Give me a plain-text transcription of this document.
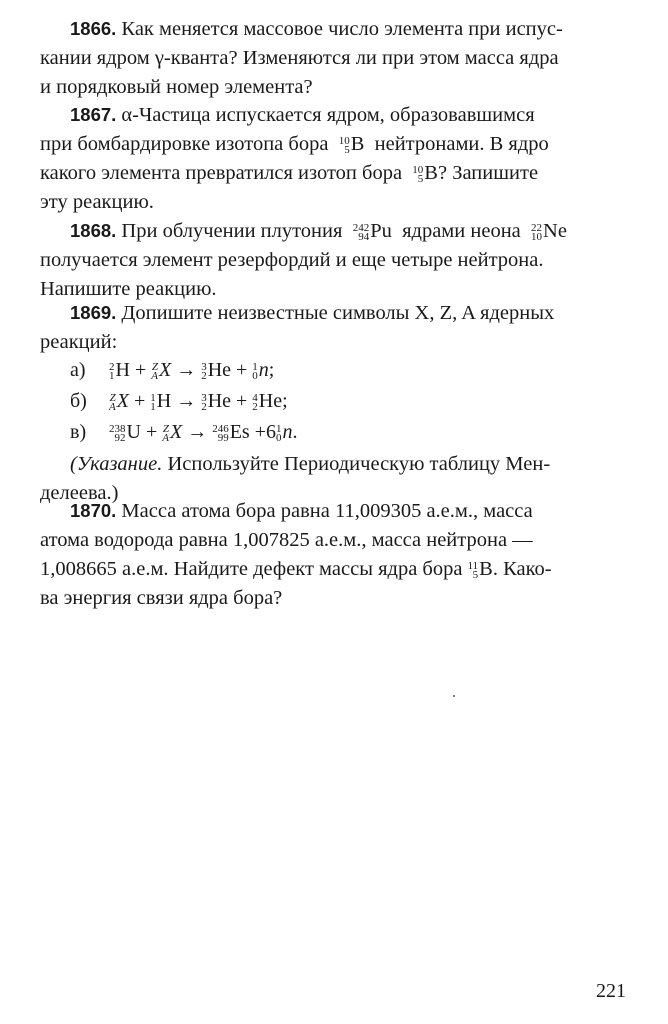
1866. Как меняется массовое число элемента при испус-
кании ядром γ-кванта? Изменяются ли при этом масса ядра
и порядковый номер элемента?
1867. α-Частица испускается ядром, образовавшимся
при бомбардировке изотопа бора 10
5 B нейтронами. В ядро
какого элемента превратился изотоп бора 10
5 B? Запишите
эту реакцию.
1868. При облучении плутония 242
94 Pu ядрами неона 22
10 Ne
получается элемент резерфордий и еще четыре нейтрона.
Напишите реакцию.
1869. Допишите неизвестные символы X, Z, A ядерных
реакций:
а) 2
1 H + Z
A X → 3
2 He + 1
0 n;
б) Z
A X + 1
1 H → 3
2 He + 4
2 He;
в) 238
92 U + Z
A X → 246
99 Es +6 1
0 n.
(Указание. Используйте Периодическую таблицу Мен-
делеева.)
1870. Масса атома бора равна 11,009305 а.е.м., масса
атома водорода равна 1,007825 а.е.м., масса нейтрона —
1,008665 а.е.м. Найдите дефект массы ядра бора 11
5 B. Како-
ва энергия связи ядра бора?
221
